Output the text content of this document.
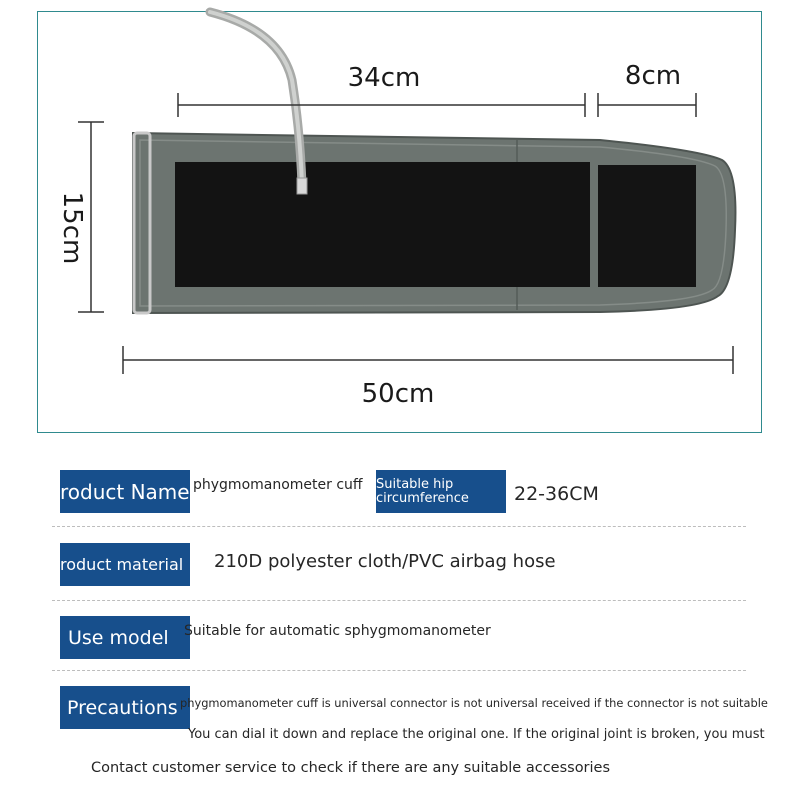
34cm	8cm
15cm
50cm
roduct Name phygmomanometer cuff Suitable hip
circumference 22-36CM
roduct material 210D polyester cloth/PVC airbag hose
Use model Suitable for automatic sphygmomanometer
Precautions phygmomanometer cuff is universal connector is not universal received if the connector is not suitable
You can dial it down and replace the original one. If the original joint is broken, you must
Contact customer service to check if there are any suitable accessories
